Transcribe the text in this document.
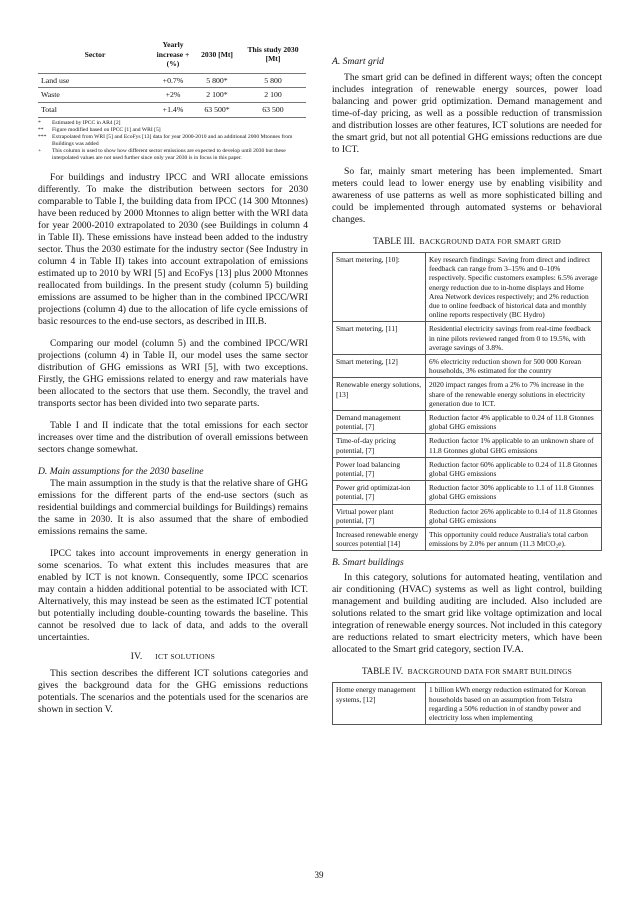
Sector	Yearly increase + (%)	2030 [Mt]	This study 2030 [Mt]
Land use	+0.7%	5 800*	5 800
Waste	+2%	2 100*	2 100
Total	+1.4%	63 500*	63 500
*	Estimated by IPCC in AR4 [2]
**	Figure modified based on IPCC [1] and WRI [5]
***	Extrapolated from WRI [5] and EcoFys [13] data for year 2000-2010 and an additional 2000 Mtonnes from Buildings was added
+	This column is used to show how different sector emissions are expected to develop until 2030 but these interpolated values are not used further since only year 2030 is in focus in this paper.

For buildings and industry IPCC and WRI allocate emissions differently. To make the distribution between sectors for 2030 comparable to Table I, the building data from IPCC (14 300 Mtonnes) have been reduced by 2000 Mtonnes to align better with the WRI data for year 2000-2010 extrapolated to 2030 (see Buildings in column 4 in Table II). These emissions have instead been added to the industry sector. Thus the 2030 estimate for the industry sector (See Industry in column 4 in Table II) takes into account extrapolation of emissions estimated up to 2010 by WRI [5] and EcoFys [13] plus 2000 Mtonnes reallocated from buildings. In the present study (column 5) building emissions are assumed to be higher than in the combined IPCC/WRI projections (column 4) due to the allocation of life cycle emissions of basic resources to the end-use sectors, as described in III.B.

Comparing our model (column 5) and the combined IPCC/WRI projections (column 4) in Table II, our model uses the same sector distribution of GHG emissions as WRI [5], with two exceptions. Firstly, the GHG emissions related to energy and raw materials have been allocated to the sectors that use them. Secondly, the travel and transports sector has been divided into two separate parts.

Table I and II indicate that the total emissions for each sector increases over time and the distribution of overall emissions between sectors change somewhat.

D. Main assumptions for the 2030 baseline

The main assumption in the study is that the relative share of GHG emissions for the different parts of the end-use sectors (such as residential buildings and commercial buildings for Buildings) remains the same in 2030. It is also assumed that the share of embodied emissions remains the same.

IPCC takes into account improvements in energy generation in some scenarios. To what extent this includes measures that are enabled by ICT is not known. Consequently, some IPCC scenarios may contain a hidden additional potential to be associated with ICT. Alternatively, this may instead be seen as the estimated ICT potential but potentially including double-counting towards the baseline. This cannot be resolved due to lack of data, and adds to the overall uncertainties.

IV. ICT SOLUTIONS

This section describes the different ICT solutions categories and gives the background data for the GHG emissions reductions potentials. The scenarios and the potentials used for the scenarios are shown in section V.

A. Smart grid

The smart grid can be defined in different ways; often the concept includes integration of renewable energy sources, power load balancing and power grid optimization. Demand management and time-of-day pricing, as well as a possible reduction of transmission and distribution losses are other features, ICT solutions are needed for the smart grid, but not all potential GHG emissions reductions are due to ICT.

So far, mainly smart metering has been implemented. Smart meters could lead to lower energy use by enabling visibility and awareness of use patterns as well as more sophisticated billing and could be implemented through automated systems or behavioral changes.

TABLE III. BACKGROUND DATA FOR SMART GRID
Smart metering, [10]:	Key research findings: Saving from direct and indirect feedback can range from 3–15% and 0–10% respectively. Specific customers examples: 6.5% average energy reduction due to in-home displays and Home Area Network devices respectively; and 2% reduction due to online feedback of historical data and monthly online reports respectively (BC Hydro)
Smart metering, [11]	Residential electricity savings from real-time feedback in nine pilots reviewed ranged from 0 to 19.5%, with average savings of 3.8%.
Smart metering, [12]	6% electricity reduction shown for 500 000 Korean households, 3% estimated for the country
Renewable energy solutions, [13]	2020 impact ranges from a 2% to 7% increase in the share of the renewable energy solutions in electricity generation due to ICT.
Demand management potential, [7]	Reduction factor 4% applicable to 0.24 of 11.8 Gtonnes global GHG emissions
Time-of-day pricing potential, [7]	Reduction factor 1% applicable to an unknown share of 11.8 Gtonnes global GHG emissions
Power load balancing potential, [7]	Reduction factor 60% applicable to 0.24 of 11.8 Gtonnes global GHG emissions
Power grid optimizat-ion potential, [7]	Reduction factor 30% applicable to 1.1 of 11.8 Gtonnes global GHG emissions
Virtual power plant potential, [7]	Reduction factor 26% applicable to 0.14 of 11.8 Gtonnes global GHG emissions
Increased renewable energy sources potential [14]	This opportunity could reduce Australia's total carbon emissions by 2.0% per annum (11.3 MtCO₂e).
B. Smart buildings

In this category, solutions for automated heating, ventilation and air conditioning (HVAC) systems as well as light control, building management and building auditing are included. Also included are solutions related to the smart grid like voltage optimization and local integration of renewable energy sources. Not included in this category are reductions related to smart electricity meters, which have been allocated to the Smart grid category, section IV.A.

TABLE IV. BACKGROUND DATA FOR SMART BUILDINGS
Home energy management systems, [12]	1 billion kWh energy reduction estimated for Korean households based on an assumption from Telstra regarding a 50% reduction in of standby power and electricity loss when implementing
39
